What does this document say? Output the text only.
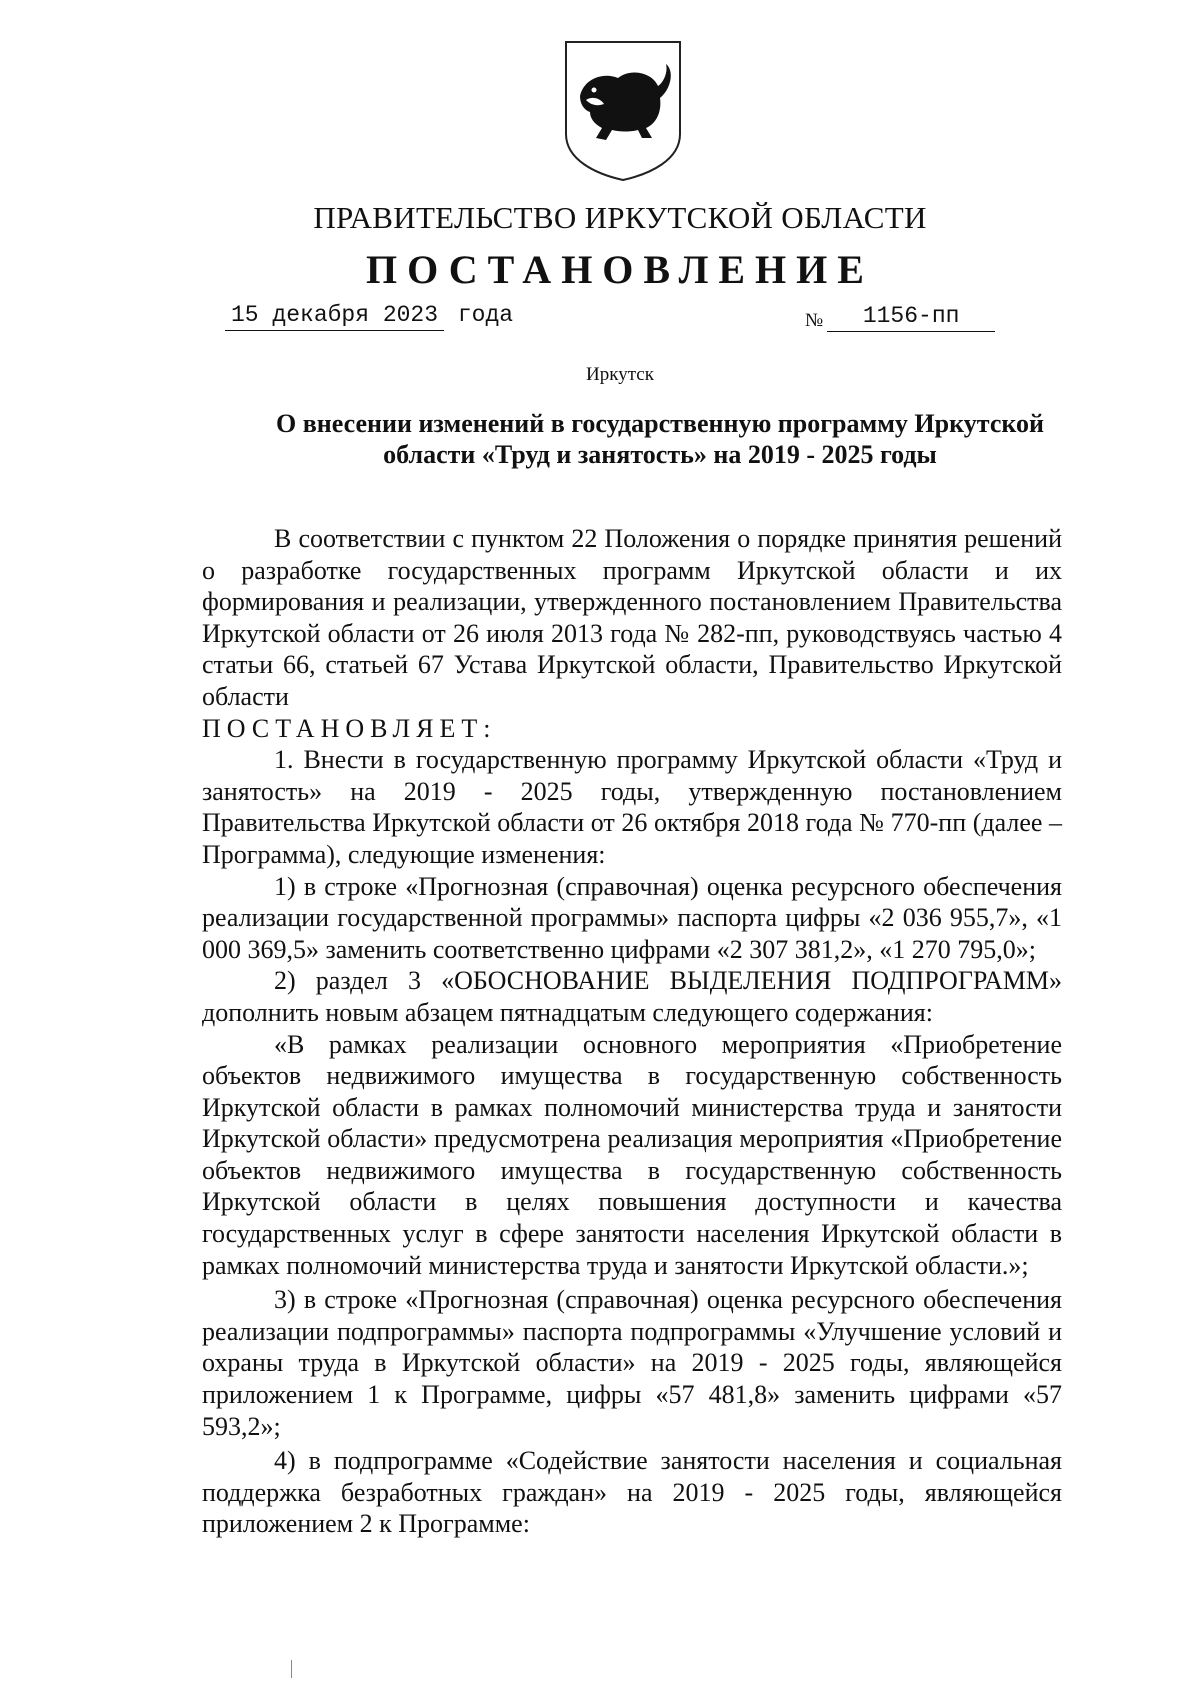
ПРАВИТЕЛЬСТВО ИРКУТСКОЙ ОБЛАСТИ
ПОСТАНОВЛЕНИЕ
15 декабря 2023 года	№ 1156-пп
Иркутск
О внесении изменений в государственную программу Иркутской
области «Труд и занятость» на 2019 - 2025 годы

В соответствии с пунктом 22 Положения о порядке принятия решений о разработке государственных программ Иркутской области и их формирования и реализации, утвержденного постановлением Правительства Иркутской области от 26 июля 2013 года № 282-пп, руководствуясь частью 4 статьи 66, статьей 67 Устава Иркутской области, Правительство Иркутской области

ПОСТАНОВЛЯЕТ:

1. Внести в государственную программу Иркутской области «Труд и занятость» на 2019 - 2025 годы, утвержденную постановлением Правительства Иркутской области от 26 октября 2018 года № 770-пп (далее – Программа), следующие изменения:

1) в строке «Прогнозная (справочная) оценка ресурсного обеспечения реализации государственной программы» паспорта цифры «2 036 955,7», «1 000 369,5» заменить соответственно цифрами «2 307 381,2», «1 270 795,0»;

2) раздел 3 «ОБОСНОВАНИЕ ВЫДЕЛЕНИЯ ПОДПРОГРАММ» дополнить новым абзацем пятнадцатым следующего содержания:

«В рамках реализации основного мероприятия «Приобретение объектов недвижимого имущества в государственную собственность Иркутской области в рамках полномочий министерства труда и занятости Иркутской области» предусмотрена реализация мероприятия «Приобретение объектов недвижимого имущества в государственную собственность Иркутской области в целях повышения доступности и качества государственных услуг в сфере занятости населения Иркутской области в рамках полномочий министерства труда и занятости Иркутской области.»;

3) в строке «Прогнозная (справочная) оценка ресурсного обеспечения реализации подпрограммы» паспорта подпрограммы «Улучшение условий и охраны труда в Иркутской области» на 2019 - 2025 годы, являющейся приложением 1 к Программе, цифры «57 481,8» заменить цифрами «57 593,2»;

4) в подпрограмме «Содействие занятости населения и социальная поддержка безработных граждан» на 2019 - 2025 годы, являющейся приложением 2 к Программе:
